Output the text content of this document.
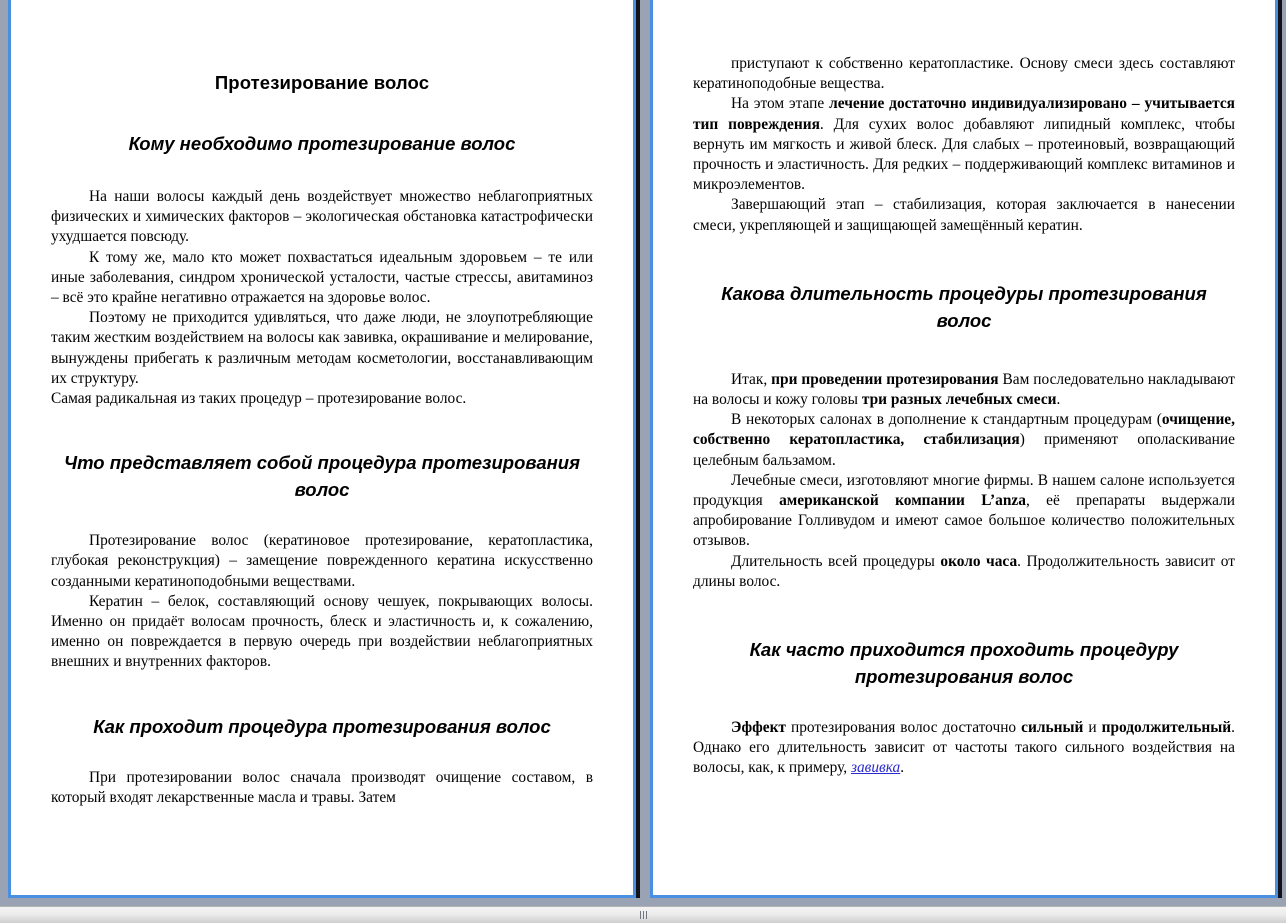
Протезирование волос
Кому необходимо протезирование волос

На наши волосы каждый день воздействует множество неблагоприятных физических и химических факторов – экологическая обстановка катастрофически ухудшается повсюду.

К тому же, мало кто может похвастаться идеальным здоровьем – те или иные заболевания, синдром хронической усталости, частые стрессы, авитаминоз – всё это крайне негативно отражается на здоровье волос.

Поэтому не приходится удивляться, что даже люди, не злоупотребляющие таким жестким воздействием на волосы как завивка, окрашивание и мелирование, вынуждены прибегать к различным методам косметологии, восстанавливающим их структуру.

Самая радикальная из таких процедур – протезирование волос.

Что представляет собой процедура протезирования волос

Протезирование волос (кератиновое протезирование, кератопластика, глубокая реконструкция) – замещение поврежденного кератина искусственно созданными кератиноподобными веществами.

Кератин – белок, составляющий основу чешуек, покрывающих волосы. Именно он придаёт волосам прочность, блеск и эластичность и, к сожалению, именно он повреждается в первую очередь при воздействии неблагоприятных внешних и внутренних факторов.

Как проходит процедура протезирования волос

При протезировании волос сначала производят очищение составом, в который входят лекарственные масла и травы. Затем

приступают к собственно кератопластике. Основу смеси здесь составляют кератиноподобные вещества.

На этом этапе лечение достаточно индивидуализировано – учитывается тип повреждения. Для сухих волос добавляют липидный комплекс, чтобы вернуть им мягкость и живой блеск. Для слабых – протеиновый, возвращающий прочность и эластичность. Для редких – поддерживающий комплекс витаминов и микроэлементов.

Завершающий этап – стабилизация, которая заключается в нанесении смеси, укрепляющей и защищающей замещённый кератин.

Какова длительность процедуры протезирования волос

Итак, при проведении протезирования Вам последовательно накладывают на волосы и кожу головы три разных лечебных смеси.

В некоторых салонах в дополнение к стандартным процедурам (очищение, собственно кератопластика, стабилизация) применяют ополаскивание целебным бальзамом.

Лечебные смеси, изготовляют многие фирмы. В нашем салоне используется продукция американской компании L’anza, её препараты выдержали апробирование Голливудом и имеют самое большое количество положительных отзывов.

Длительность всей процедуры около часа. Продолжительность зависит от длины волос.

Как часто приходится проходить процедуру протезирования волос

Эффект протезирования волос достаточно сильный и продолжительный. Однако его длительность зависит от частоты такого сильного воздействия на волосы, как, к примеру, завивка.
